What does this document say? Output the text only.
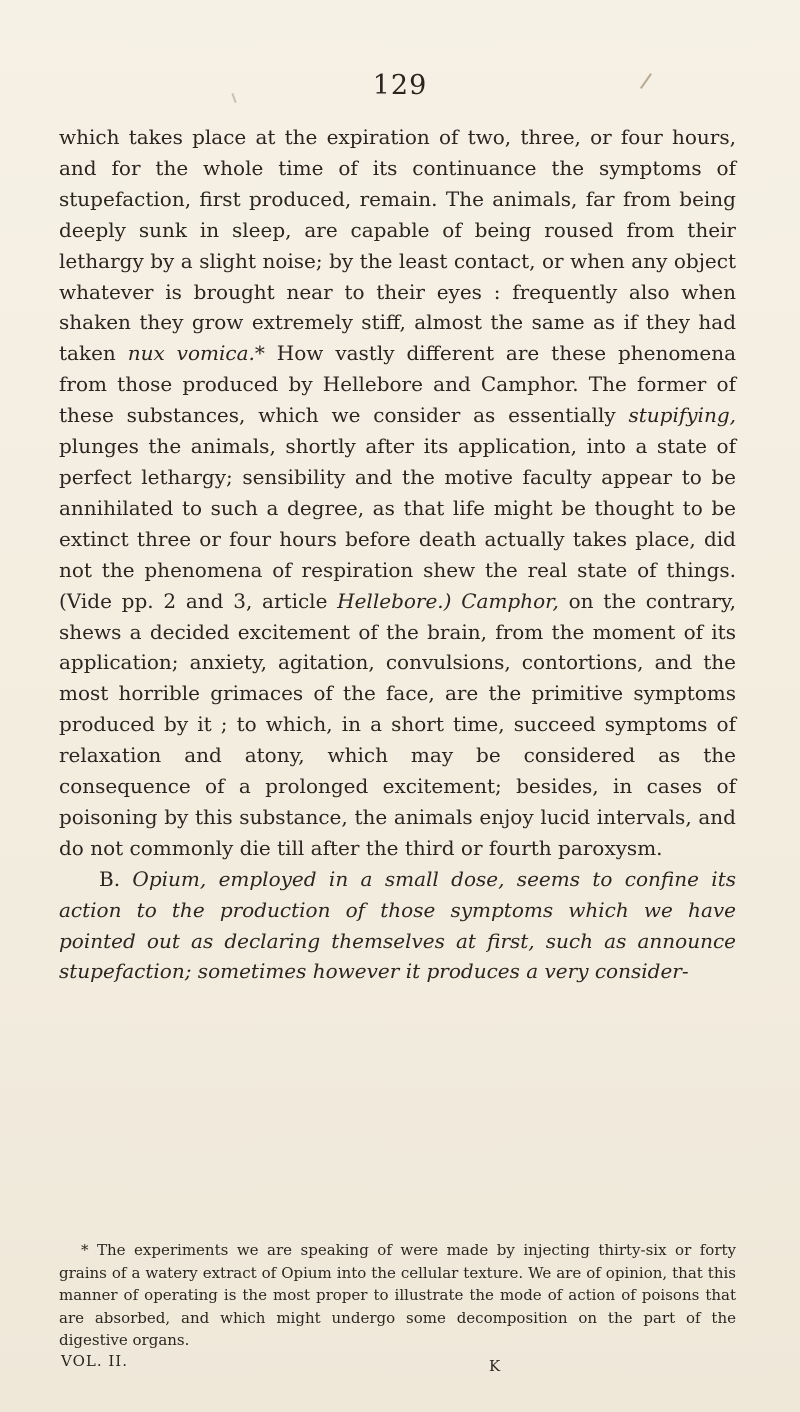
129

which takes place at the expiration of two, three, or four hours, and for the whole time of its continuance the symptoms of stupefaction, first produced, remain. The animals, far from being deeply sunk in sleep, are capable of being roused from their lethargy by a slight noise; by the least contact, or when any object whatever is brought near to their eyes : frequently also when shaken they grow extremely stiff, almost the same as if they had taken nux vomica.* How vastly different are these phenomena from those produced by Hellebore and Camphor. The former of these substances, which we consider as essentially stupifying, plunges the animals, shortly after its application, into a state of perfect lethargy; sensibility and the motive faculty appear to be annihilated to such a degree, as that life might be thought to be extinct three or four hours before death actually takes place, did not the phenomena of respiration shew the real state of things. (Vide pp. 2 and 3, article Hellebore.) Camphor, on the contrary, shews a decided excitement of the brain, from the moment of its application; anxiety, agitation, convulsions, contortions, and the most horrible grimaces of the face, are the primitive symptoms produced by it ; to which, in a short time, succeed symptoms of relaxation and atony, which may be considered as the consequence of a prolonged excitement; besides, in cases of poisoning by this substance, the animals enjoy lucid intervals, and do not commonly die till after the third or fourth paroxysm.

B. Opium, employed in a small dose, seems to confine its action to the production of those symptoms which we have pointed out as declaring themselves at first, such as announce stupefaction; sometimes however it produces a very consider-

* The experiments we are speaking of were made by injecting thirty-six or forty grains of a watery extract of Opium into the cellular texture. We are of opinion, that this manner of operating is the most proper to illustrate the mode of action of poisons that are absorbed, and which might undergo some decomposition on the part of the digestive organs.

VOL. II.	K
